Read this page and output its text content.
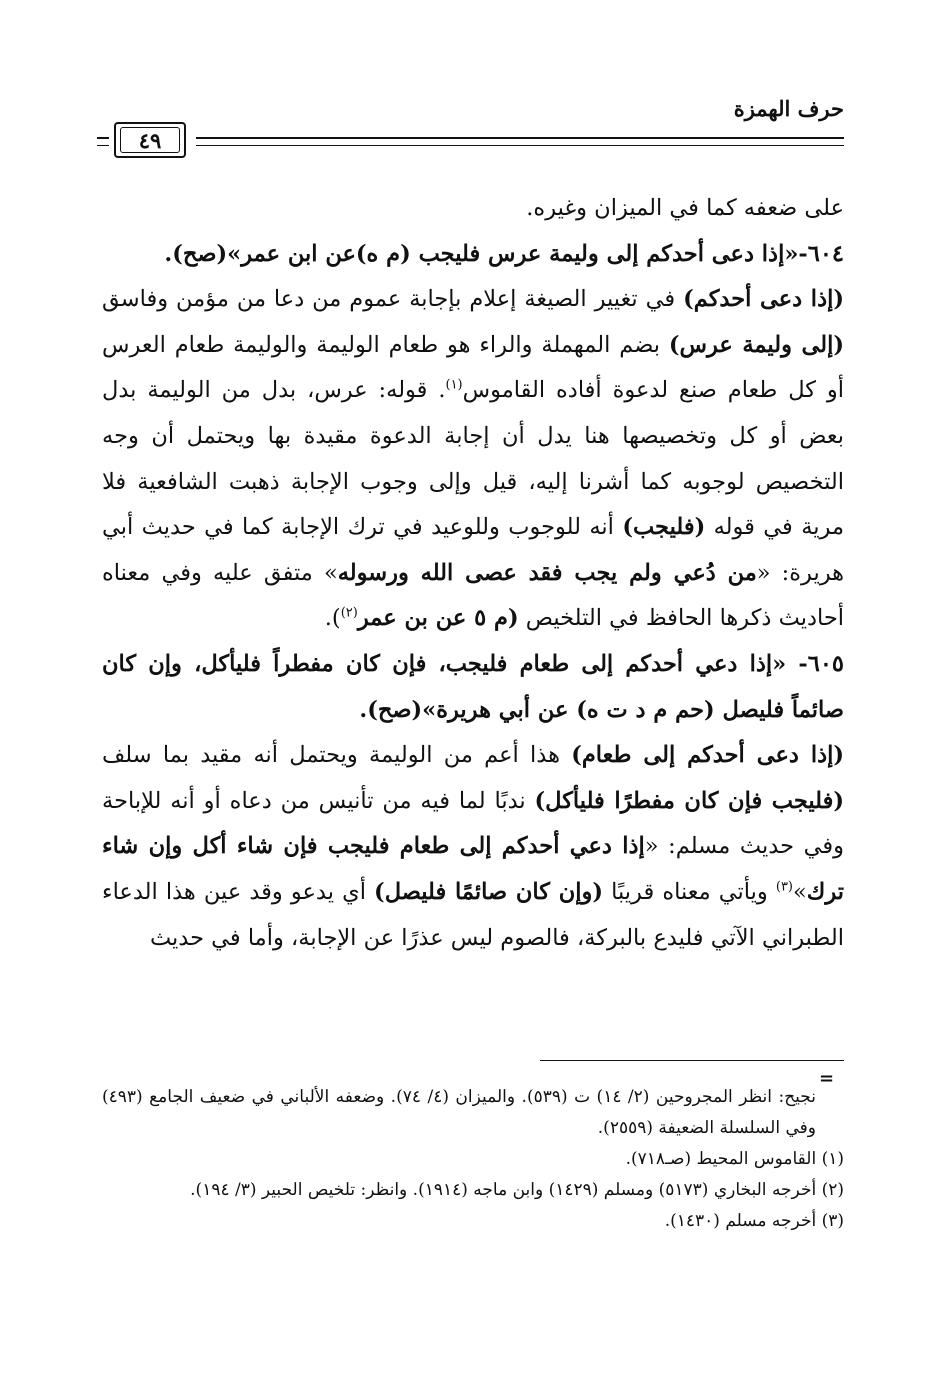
حرف الهمزة
٤٩

على ضعفه كما في الميزان وغيره.

٦٠٤-«إذا دعى أحدكم إلى وليمة عرس فليجب (م ه)عن ابن عمر»(صح).

(إذا دعى أحدكم) في تغيير الصيغة إعلام بإجابة عموم من دعا من مؤمن وفاسق (إلى وليمة عرس) بضم المهملة والراء هو طعام الوليمة والوليمة طعام العرس أو كل طعام صنع لدعوة أفاده القاموس$^{(١)}$. قوله: عرس، بدل من الوليمة بدل بعض أو كل وتخصيصها هنا يدل أن إجابة الدعوة مقيدة بها ويحتمل أن وجه التخصيص لوجوبه كما أشرنا إليه، قيل وإلى وجوب الإجابة ذهبت الشافعية فلا مرية في قوله (فليجب) أنه للوجوب وللوعيد في ترك الإجابة كما في حديث أبي هريرة: «من دُعي ولم يجب فقد عصى الله ورسوله» متفق عليه وفي معناه أحاديث ذكرها الحافظ في التلخيص (م ٥ عن بن عمر$^{(٢)}$).

٦٠٥- «إذا دعي أحدكم إلى طعام فليجب، فإن كان مفطراً فليأكل، وإن كان صائماً فليصل (حم م د ت ه) عن أبي هريرة»(صح).

(إذا دعى أحدكم إلى طعام) هذا أعم من الوليمة ويحتمل أنه مقيد بما سلف (فليجب فإن كان مفطرًا فليأكل) ندبًا لما فيه من تأنيس من دعاه أو أنه للإباحة وفي حديث مسلم: «إذا دعي أحدكم إلى طعام فليجب فإن شاء أكل وإن شاء ترك»$^{(٣)}$ ويأتي معناه قريبًا (وإن كان صائمًا فليصل) أي يدعو وقد عين هذا الدعاء الطبراني الآتي فليدع بالبركة، فالصوم ليس عذرًا عن الإجابة، وأما في حديث

=

نجيح: انظر المجروحين (٢/ ١٤) ت (٥٣٩). والميزان (٤/ ٧٤). وضعفه الألباني في ضعيف الجامع (٤٩٣) وفي السلسلة الضعيفة (٢٥٥٩).

(١) القاموس المحيط (صـ٧١٨).

(٢) أخرجه البخاري (٥١٧٣) ومسلم (١٤٢٩) وابن ماجه (١٩١٤). وانظر: تلخيص الحبير (٣/ ١٩٤).

(٣) أخرجه مسلم (١٤٣٠).
